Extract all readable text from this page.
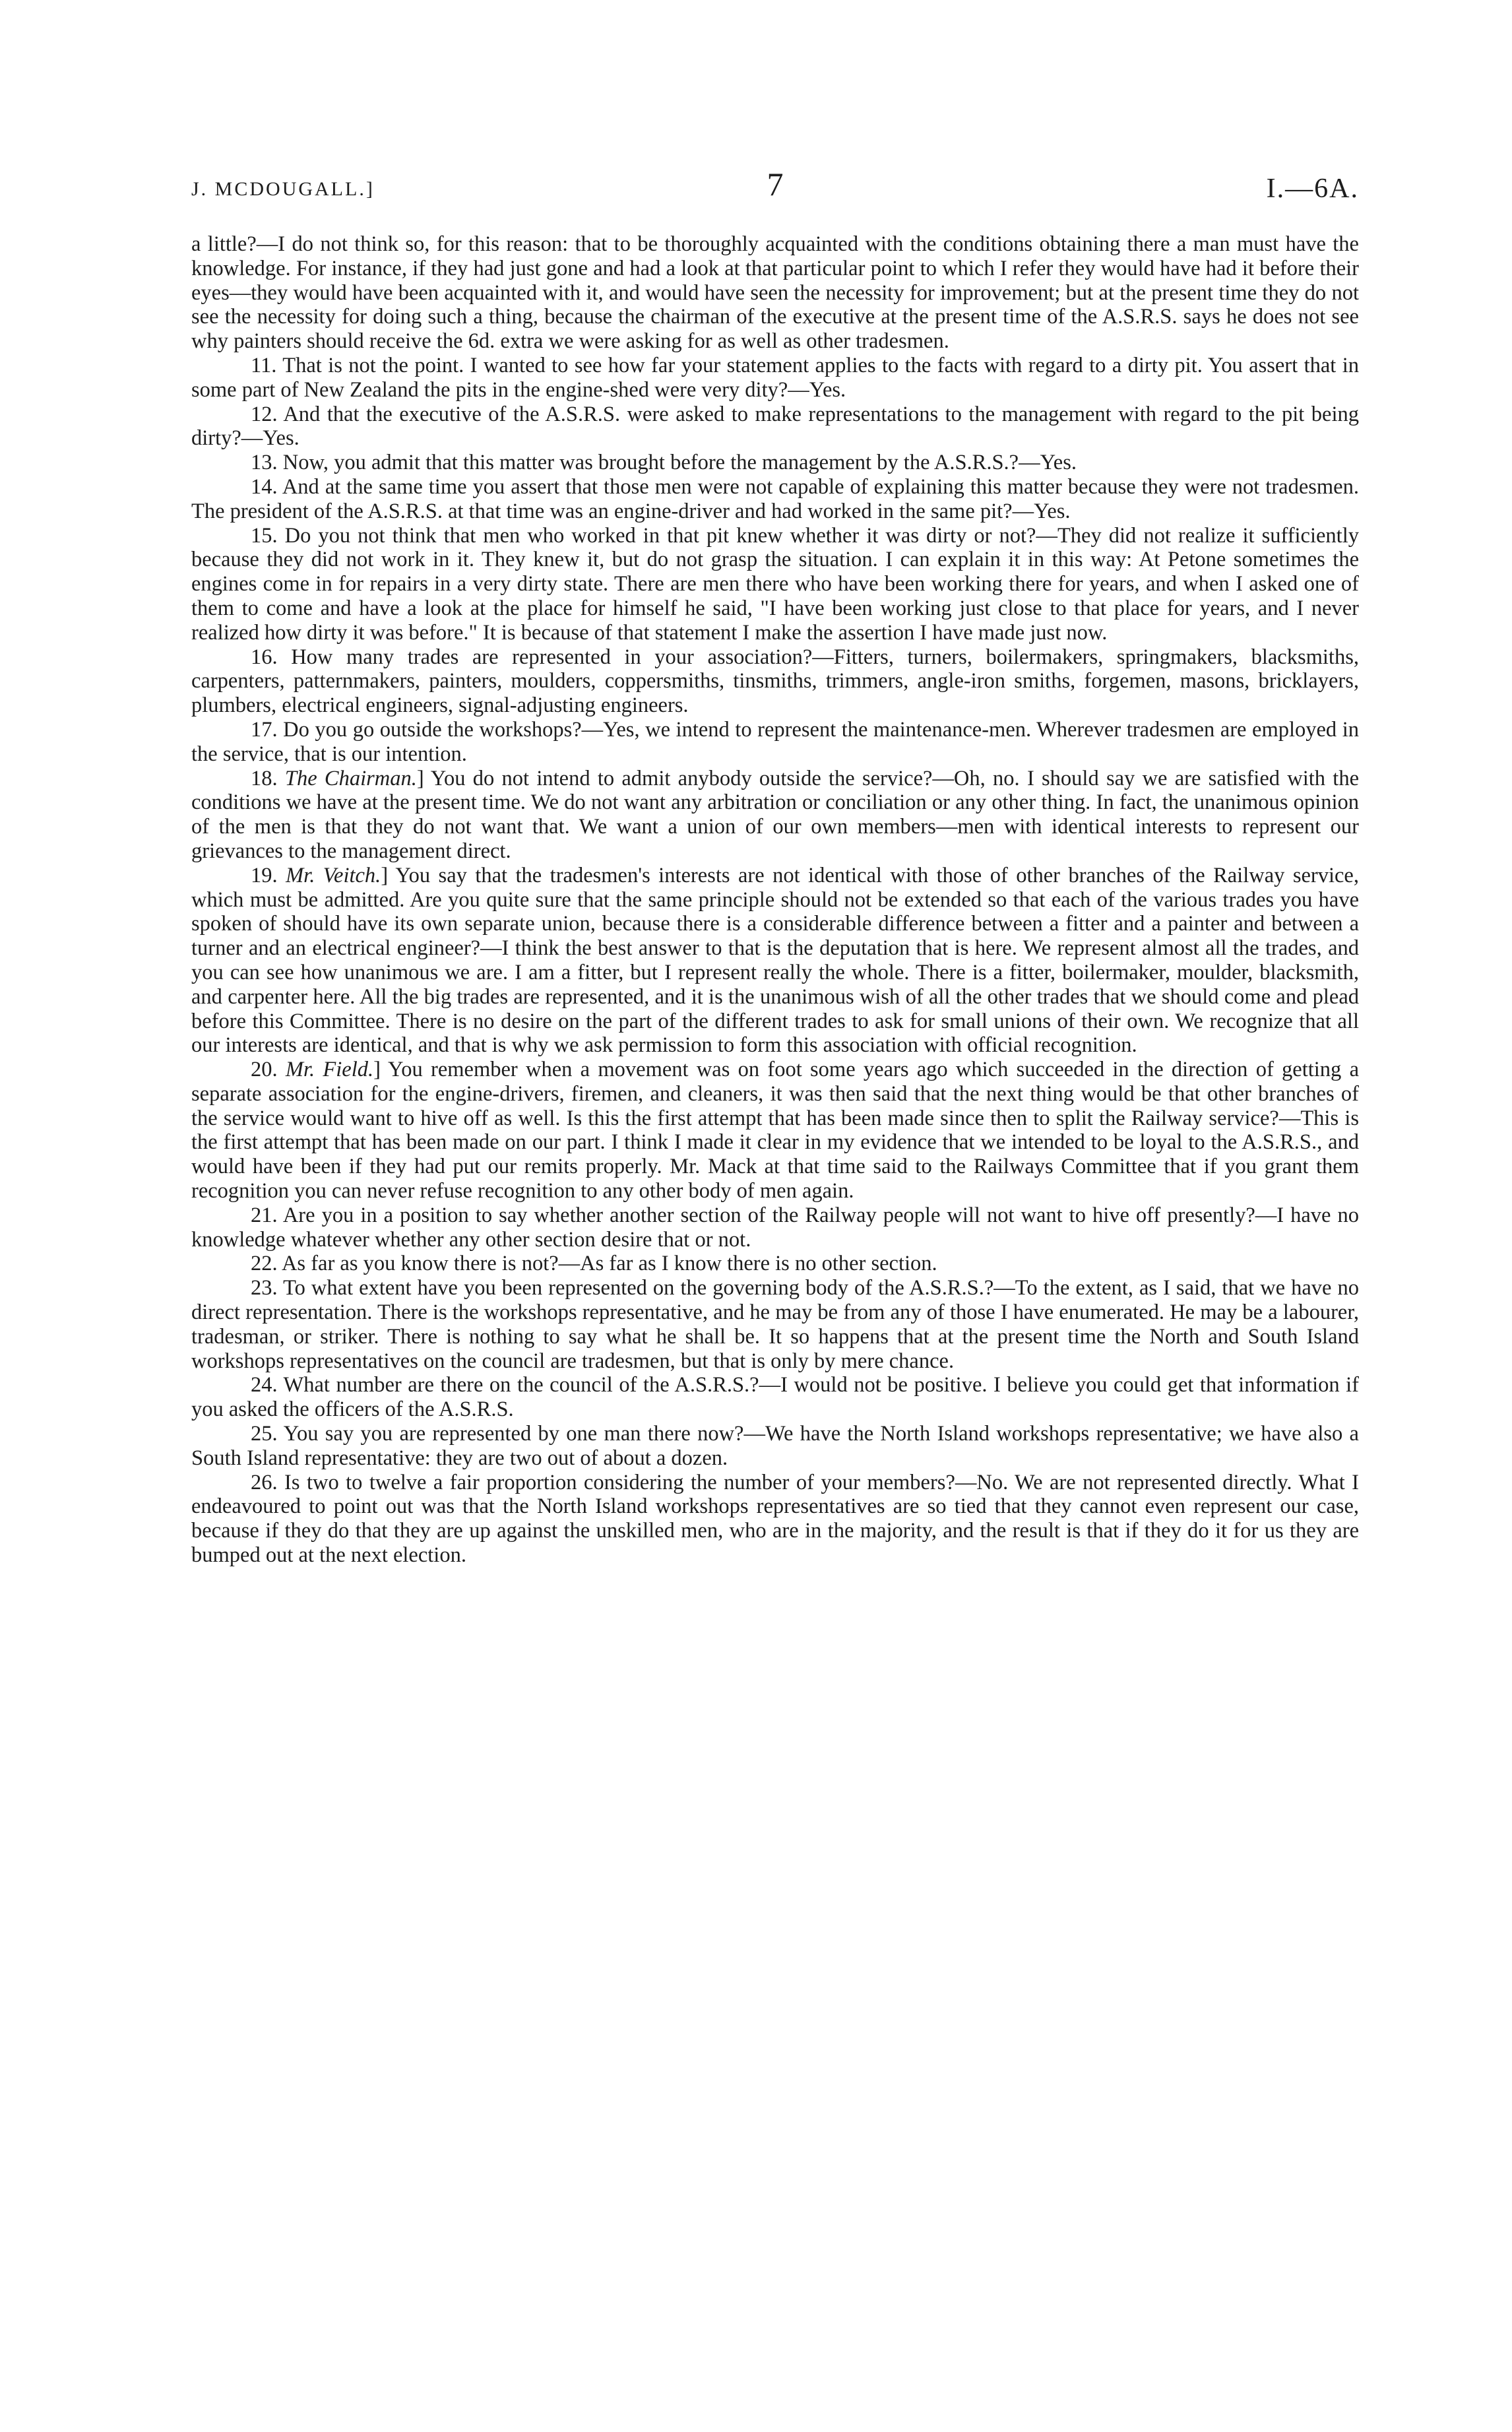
J. MCDOUGALL.]	7	I.—6A.

a little?—I do not think so, for this reason: that to be thoroughly acquainted with the conditions obtaining there a man must have the knowledge. For instance, if they had just gone and had a look at that particular point to which I refer they would have had it before their eyes—they would have been acquainted with it, and would have seen the necessity for improvement; but at the present time they do not see the necessity for doing such a thing, because the chairman of the executive at the present time of the A.S.R.S. says he does not see why painters should receive the 6d. extra we were asking for as well as other tradesmen.

11. That is not the point. I wanted to see how far your statement applies to the facts with regard to a dirty pit. You assert that in some part of New Zealand the pits in the engine-shed were very dity?—Yes.

12. And that the executive of the A.S.R.S. were asked to make representations to the management with regard to the pit being dirty?—Yes.

13. Now, you admit that this matter was brought before the management by the A.S.R.S.?—Yes.

14. And at the same time you assert that those men were not capable of explaining this matter because they were not tradesmen. The president of the A.S.R.S. at that time was an engine-driver and had worked in the same pit?—Yes.

15. Do you not think that men who worked in that pit knew whether it was dirty or not?—They did not realize it sufficiently because they did not work in it. They knew it, but do not grasp the situation. I can explain it in this way: At Petone sometimes the engines come in for repairs in a very dirty state. There are men there who have been working there for years, and when I asked one of them to come and have a look at the place for himself he said, "I have been working just close to that place for years, and I never realized how dirty it was before." It is because of that statement I make the assertion I have made just now.

16. How many trades are represented in your association?—Fitters, turners, boilermakers, springmakers, blacksmiths, carpenters, patternmakers, painters, moulders, coppersmiths, tinsmiths, trimmers, angle-iron smiths, forgemen, masons, bricklayers, plumbers, electrical engineers, signal-adjusting engineers.

17. Do you go outside the workshops?—Yes, we intend to represent the maintenance-men. Wherever tradesmen are employed in the service, that is our intention.

18. The Chairman.] You do not intend to admit anybody outside the service?—Oh, no. I should say we are satisfied with the conditions we have at the present time. We do not want any arbitration or conciliation or any other thing. In fact, the unanimous opinion of the men is that they do not want that. We want a union of our own members—men with identical interests to represent our grievances to the management direct.

19. Mr. Veitch.] You say that the tradesmen's interests are not identical with those of other branches of the Railway service, which must be admitted. Are you quite sure that the same principle should not be extended so that each of the various trades you have spoken of should have its own separate union, because there is a considerable difference between a fitter and a painter and between a turner and an electrical engineer?—I think the best answer to that is the deputation that is here. We represent almost all the trades, and you can see how unanimous we are. I am a fitter, but I represent really the whole. There is a fitter, boilermaker, moulder, blacksmith, and carpenter here. All the big trades are represented, and it is the unanimous wish of all the other trades that we should come and plead before this Committee. There is no desire on the part of the different trades to ask for small unions of their own. We recognize that all our interests are identical, and that is why we ask permission to form this association with official recognition.

20. Mr. Field.] You remember when a movement was on foot some years ago which succeeded in the direction of getting a separate association for the engine-drivers, firemen, and cleaners, it was then said that the next thing would be that other branches of the service would want to hive off as well. Is this the first attempt that has been made since then to split the Railway service?—This is the first attempt that has been made on our part. I think I made it clear in my evidence that we intended to be loyal to the A.S.R.S., and would have been if they had put our remits properly. Mr. Mack at that time said to the Railways Committee that if you grant them recognition you can never refuse recognition to any other body of men again.

21. Are you in a position to say whether another section of the Railway people will not want to hive off presently?—I have no knowledge whatever whether any other section desire that or not.

22. As far as you know there is not?—As far as I know there is no other section.

23. To what extent have you been represented on the governing body of the A.S.R.S.?—To the extent, as I said, that we have no direct representation. There is the workshops representative, and he may be from any of those I have enumerated. He may be a labourer, tradesman, or striker. There is nothing to say what he shall be. It so happens that at the present time the North and South Island workshops representatives on the council are tradesmen, but that is only by mere chance.

24. What number are there on the council of the A.S.R.S.?—I would not be positive. I believe you could get that information if you asked the officers of the A.S.R.S.

25. You say you are represented by one man there now?—We have the North Island workshops representative; we have also a South Island representative: they are two out of about a dozen.

26. Is two to twelve a fair proportion considering the number of your members?—No. We are not represented directly. What I endeavoured to point out was that the North Island workshops representatives are so tied that they cannot even represent our case, because if they do that they are up against the unskilled men, who are in the majority, and the result is that if they do it for us they are bumped out at the next election.
